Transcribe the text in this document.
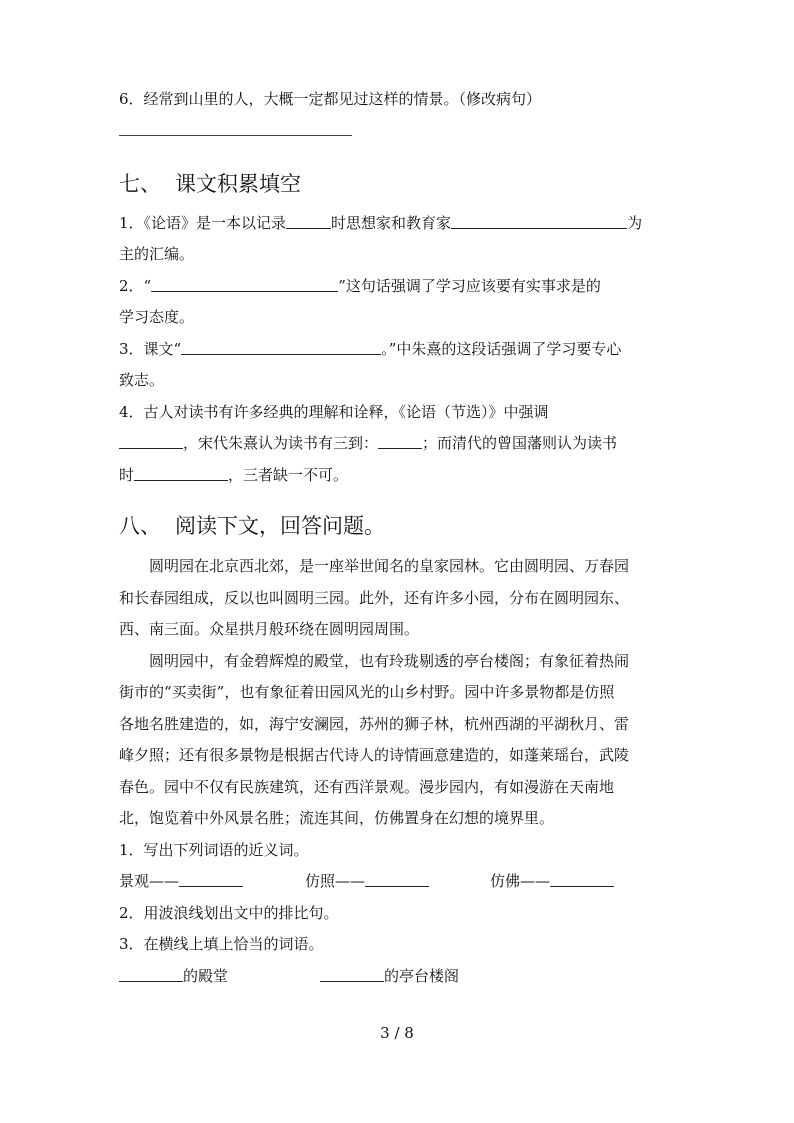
6．经常到山里的人，大概一定都见过这样的情景。（修改病句）
七、 课文积累填空
1．《论语》是一本以记录	时思想家和教育家	为
主的汇编。
2．“	”这句话强调了学习应该要有实事求是的
学习态度。
3．课文“	。”中朱熹的这段话强调了学习要专心
致志。
4．古人对读书有许多经典的理解和诠释，《论语（节选）》中强调
，宋代朱熹认为读书有三到：	；而清代的曾国藩则认为读书
时	，三者缺一不可。
八、 阅读下文，回答问题。
圆明园在北京西北郊，是一座举世闻名的皇家园林。它由圆明园、万春园
和长春园组成，反以也叫圆明三园。此外，还有许多小园，分布在圆明园东、
西、南三面。众星拱月般环绕在圆明园周围。
圆明园中，有金碧辉煌的殿堂，也有玲珑剔透的亭台楼阁；有象征着热闹
街市的“买卖街”，也有象征着田园风光的山乡村野。园中许多景物都是仿照
各地名胜建造的，如，海宁安澜园，苏州的狮子林，杭州西湖的平湖秋月、雷
峰夕照；还有很多景物是根据古代诗人的诗情画意建造的，如蓬莱瑶台，武陵
春色。园中不仅有民族建筑，还有西洋景观。漫步园内，有如漫游在天南地
北，饱览着中外风景名胜；流连其间，仿佛置身在幻想的境界里。
1．写出下列词语的近义词。
景观——	仿照——	仿佛——
2．用波浪线划出文中的排比句。
3．在横线上填上恰当的词语。
的殿堂	的亭台楼阁
3 / 8
